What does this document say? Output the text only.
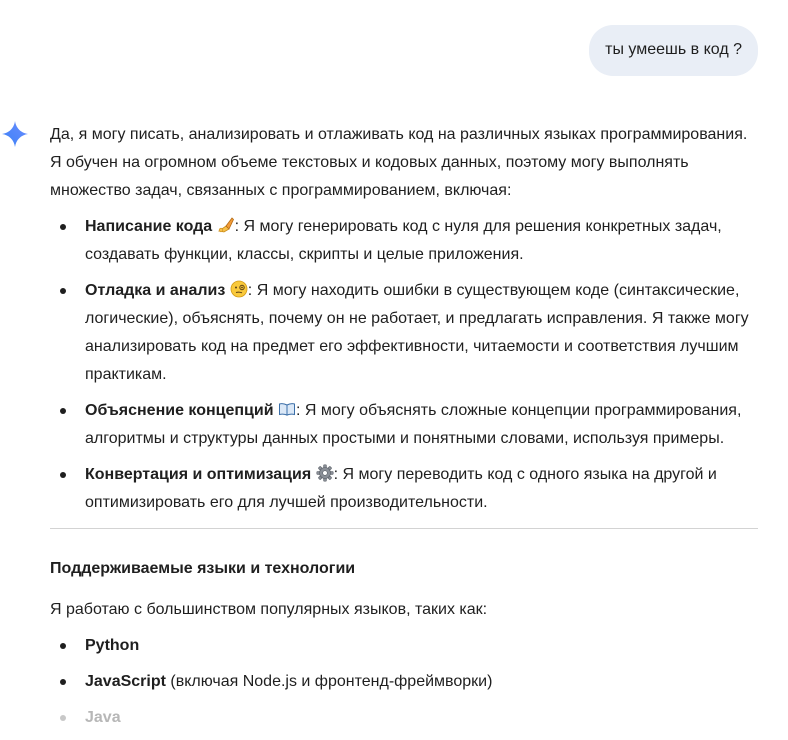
ты умеешь в код ?

Да, я могу писать, анализировать и отлаживать код на различных языках программирования. Я обучен на огромном объеме текстовых и кодовых данных, поэтому могу выполнять множество задач, связанных с программированием, включая:

Написание кода : Я могу генерировать код с нуля для решения конкретных задач, создавать функции, классы, скрипты и целые приложения.
Отладка и анализ : Я могу находить ошибки в существующем коде (синтаксические, логические), объяснять, почему он не работает, и предлагать исправления. Я также могу анализировать код на предмет его эффективности, читаемости и соответствия лучшим практикам.
Объяснение концепций : Я могу объяснять сложные концепции программирования, алгоритмы и структуры данных простыми и понятными словами, используя примеры.
Конвертация и оптимизация : Я могу переводить код с одного языка на другой и оптимизировать его для лучшей производительности.
Поддерживаемые языки и технологии

Я работаю с большинством популярных языков, таких как:

Python
JavaScript (включая Node.js и фронтенд-фреймворки)
Java
